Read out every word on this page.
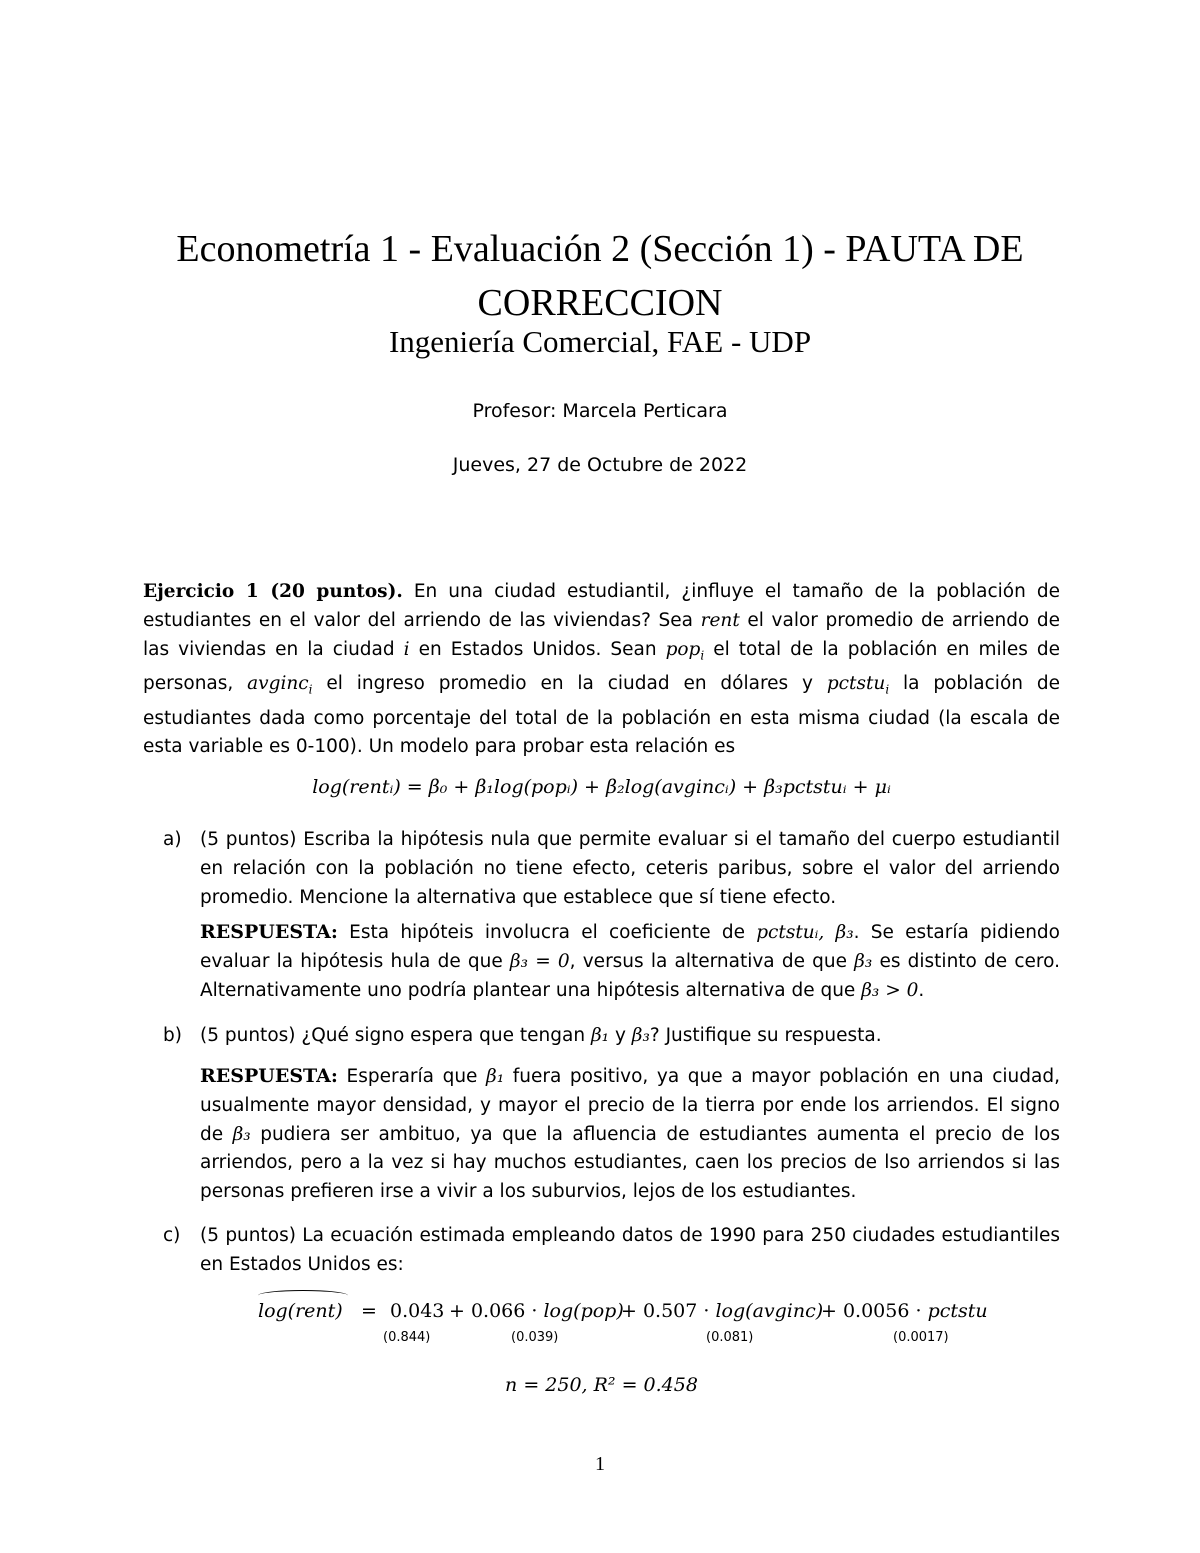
Econometría 1 - Evaluación 2 (Sección 1) - PAUTA DE
CORRECCION
Ingeniería Comercial, FAE - UDP
Profesor: Marcela Perticara
Jueves, 27 de Octubre de 2022

Ejercicio 1 (20 puntos). En una ciudad estudiantil, ¿influye el tamaño de la población de estudiantes en el valor del arriendo de las viviendas? Sea rent el valor promedio de arriendo de las viviendas en la ciudad i en Estados Unidos. Sean pop$_i$ el total de la población en miles de personas, avginc$_i$ el ingreso promedio en la ciudad en dólares y pctstu$_i$ la población de estudiantes dada como porcentaje del total de la población en esta misma ciudad (la escala de esta variable es 0-100). Un modelo para probar esta relación es

log(rentᵢ) = β₀ + β₁log(popᵢ) + β₂log(avgincᵢ) + β₃pctstuᵢ + μᵢ
a) (5 puntos) Escriba la hipótesis nula que permite evaluar si el tamaño del cuerpo estudiantil en relación con la población no tiene efecto, ceteris paribus, sobre el valor del arriendo promedio. Mencione la alternativa que establece que sí tiene efecto.
RESPUESTA: Esta hipóteis involucra el coeficiente de pctstuᵢ, β₃. Se estaría pidiendo evaluar la hipótesis hula de que β₃ = 0, versus la alternativa de que β₃ es distinto de cero. Alternativamente uno podría plantear una hipótesis alternativa de que β₃ > 0.
b) (5 puntos) ¿Qué signo espera que tengan β₁ y β₃? Justifique su respuesta.
RESPUESTA: Esperaría que β₁ fuera positivo, ya que a mayor población en una ciudad, usualmente mayor densidad, y mayor el precio de la tierra por ende los arriendos. El signo de β₃ pudiera ser ambituo, ya que la afluencia de estudiantes aumenta el precio de los arriendos, pero a la vez si hay muchos estudiantes, caen los precios de lso arriendos si las personas prefieren irse a vivir a los suburvios, lejos de los estudiantes.
c) (5 puntos) La ecuación estimada empleando datos de 1990 para 250 ciudades estudiantiles en Estados Unidos es:
log(rent) = 0.043
(0.844)
+ 0.066 · log(pop)
(0.039)
+ 0.507 · log(avginc)
(0.081)
+ 0.0056 · pctstu
(0.0017)
n = 250, R² = 0.458
1
